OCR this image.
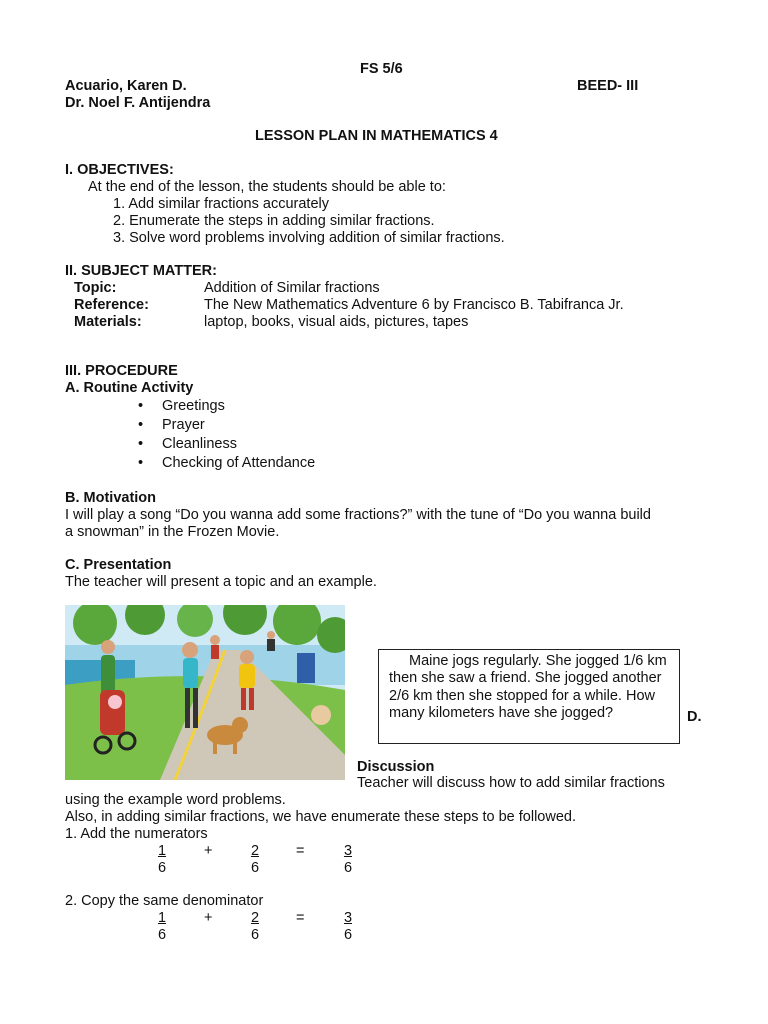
FS 5/6
Acuario, Karen D.	BEED- III
Dr. Noel F. Antijendra
LESSON PLAN IN MATHEMATICS 4
I. OBJECTIVES:
At the end of the lesson, the students should be able to:
1. Add similar fractions accurately
2. Enumerate the steps in adding similar fractions.
3. Solve word problems involving addition of similar fractions.
II. SUBJECT MATTER:
Topic:	Addition of Similar fractions
Reference:	The New Mathematics Adventure 6 by Francisco B. Tabifranca Jr.
Materials:	laptop, books, visual aids, pictures, tapes
III. PROCEDURE
A. Routine Activity
• Greetings
• Prayer
• Cleanliness
• Checking of Attendance
B. Motivation
I will play a song “Do you wanna add some fractions?” with the tune of “Do you wanna build
a snowman” in the Frozen Movie.
C. Presentation
The teacher will present a topic and an example.
Maine jogs regularly. She jogged 1/6 km then she saw a friend. She jogged another 2/6 km then she stopped for a while. How many kilometers have she jogged?	D.
Discussion
Teacher will discuss how to add similar fractions
using the example word problems.
Also, in adding similar fractions, we have enumerate these steps to be followed.
1. Add the numerators
$\frac{1}{6} + \frac{2}{6} = \frac{3}{6}$
2. Copy the same denominator
$\frac{1}{6} + \frac{2}{6} = \frac{3}{6}$
